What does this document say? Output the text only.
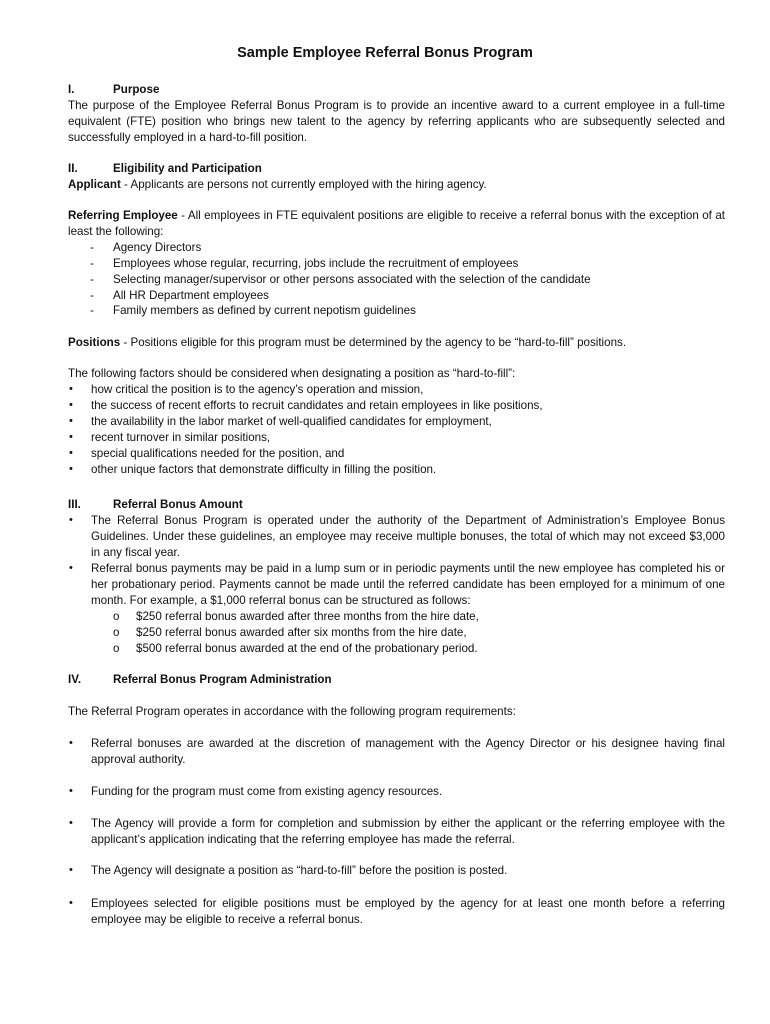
Sample Employee Referral Bonus Program
I.	Purpose
The purpose of the Employee Referral Bonus Program is to provide an incentive award to a current employee in a full-time
equivalent (FTE) position who brings new talent to the agency by referring applicants who are subsequently selected and
successfully employed in a hard-to-fill position.
II.	Eligibility and Participation
Applicant - Applicants are persons not currently employed with the hiring agency.
Referring Employee - All employees in FTE equivalent positions are eligible to receive a referral bonus with the exception of at
least the following:
- Agency Directors
- Employees whose regular, recurring, jobs include the recruitment of employees
- Selecting manager/supervisor or other persons associated with the selection of the candidate
- All HR Department employees
- Family members as defined by current nepotism guidelines
Positions - Positions eligible for this program must be determined by the agency to be “hard-to-fill” positions.
The following factors should be considered when designating a position as “hard-to-fill”:
•	how critical the position is to the agency’s operation and mission,
•	the success of recent efforts to recruit candidates and retain employees in like positions,
•	the availability in the labor market of well-qualified candidates for employment,
•	recent turnover in similar positions,
•	special qualifications needed for the position, and
•	other unique factors that demonstrate difficulty in filling the position.
III.	Referral Bonus Amount
•	The Referral Bonus Program is operated under the authority of the Department of Administration’s Employee Bonus
Guidelines. Under these guidelines, an employee may receive multiple bonuses, the total of which may not exceed $3,000
in any fiscal year.
•	Referral bonus payments may be paid in a lump sum or in periodic payments until the new employee has completed his or
her probationary period. Payments cannot be made until the referred candidate has been employed for a minimum of one
month. For example, a $1,000 referral bonus can be structured as follows:
o $250 referral bonus awarded after three months from the hire date,
o $250 referral bonus awarded after six months from the hire date,
o $500 referral bonus awarded at the end of the probationary period.
IV.	Referral Bonus Program Administration
The Referral Program operates in accordance with the following program requirements:
•	Referral bonuses are awarded at the discretion of management with the Agency Director or his designee having final
approval authority.
•	Funding for the program must come from existing agency resources.
•	The Agency will provide a form for completion and submission by either the applicant or the referring employee with the
applicant’s application indicating that the referring employee has made the referral.
•	The Agency will designate a position as “hard-to-fill” before the position is posted.
•	Employees selected for eligible positions must be employed by the agency for at least one month before a referring
employee may be eligible to receive a referral bonus.
